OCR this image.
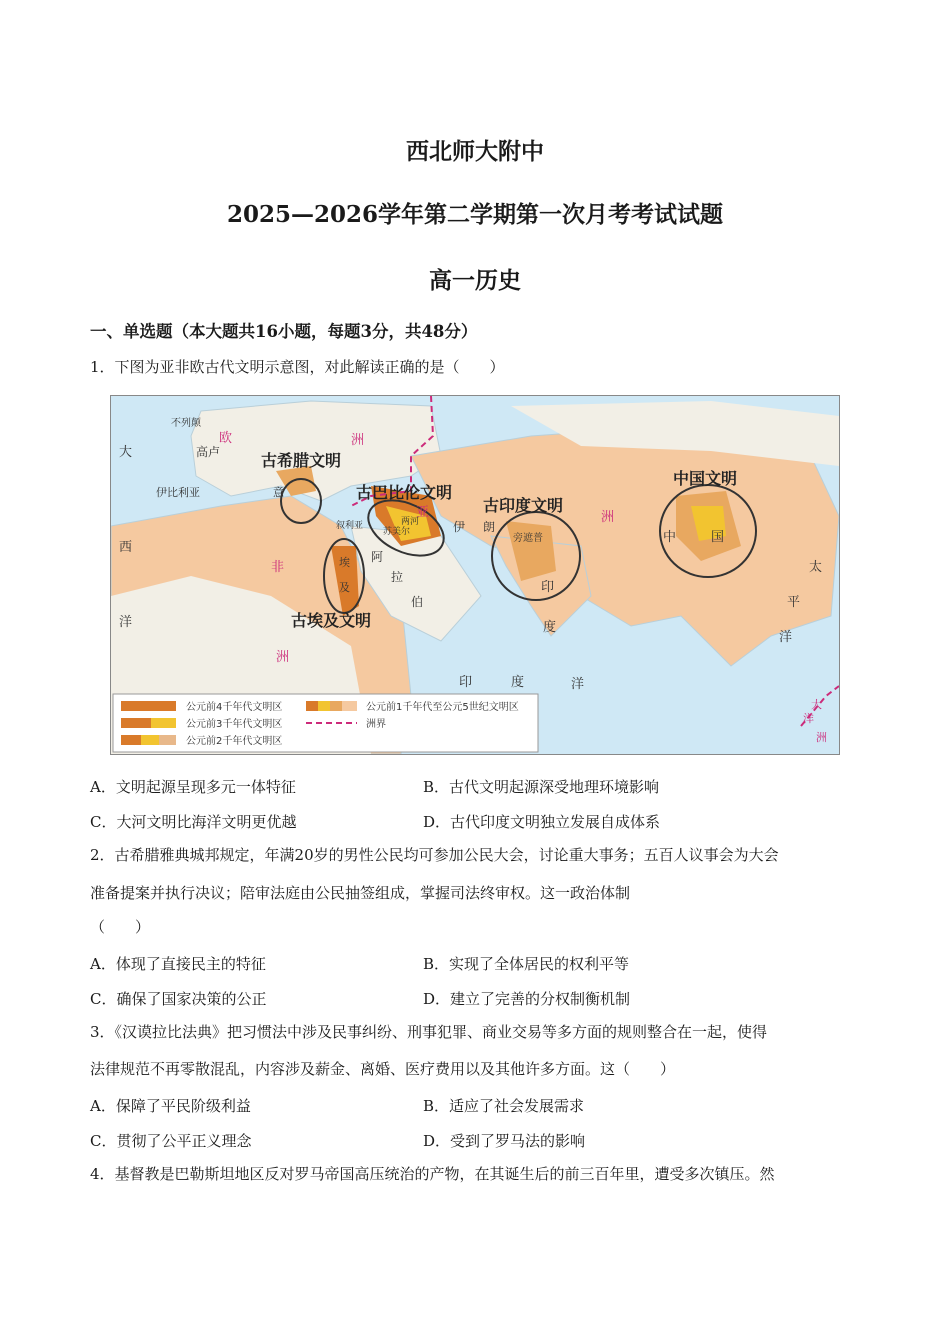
西北师大附中
2025—2026学年第二学期第一次月考考试试题
高一历史
一、单选题（本大题共16小题，每题3分，共48分）
1．下图为亚非欧古代文明示意图，对此解读正确的是（　　）
古希腊文明
古巴比伦文明
古印度文明
中国文明
古埃及文明
不列颠
高卢
伊比利亚	意
欧	洲
亚
伊 朗
洲
印
度
中	国
非
洲
阿
拉
伯
大
西
洋
太
平
洋
印	度	洋
大
洋
洲
叙利亚
埃
及
苏美尔
两河
旁遮普
公元前4千年代文明区
公元前3千年代文明区
公元前2千年代文明区
公元前1千年代至公元5世纪文明区
洲界
A．文明起源呈现多元一体特征	B．古代文明起源深受地理环境影响
C．大河文明比海洋文明更优越	D．古代印度文明独立发展自成体系
2．古希腊雅典城邦规定，年满20岁的男性公民均可参加公民大会，讨论重大事务；五百人议事会为大会
准备提案并执行决议；陪审法庭由公民抽签组成，掌握司法终审权。这一政治体制
（　　）
A．体现了直接民主的特征	B．实现了全体居民的权利平等
C．确保了国家决策的公正	D．建立了完善的分权制衡机制
3．《汉谟拉比法典》把习惯法中涉及民事纠纷、刑事犯罪、商业交易等多方面的规则整合在一起，使得
法律规范不再零散混乱，内容涉及薪金、离婚、医疗费用以及其他许多方面。这（　　）
A．保障了平民阶级利益	B．适应了社会发展需求
C．贯彻了公平正义理念	D．受到了罗马法的影响
4．基督教是巴勒斯坦地区反对罗马帝国高压统治的产物，在其诞生后的前三百年里，遭受多次镇压。然
